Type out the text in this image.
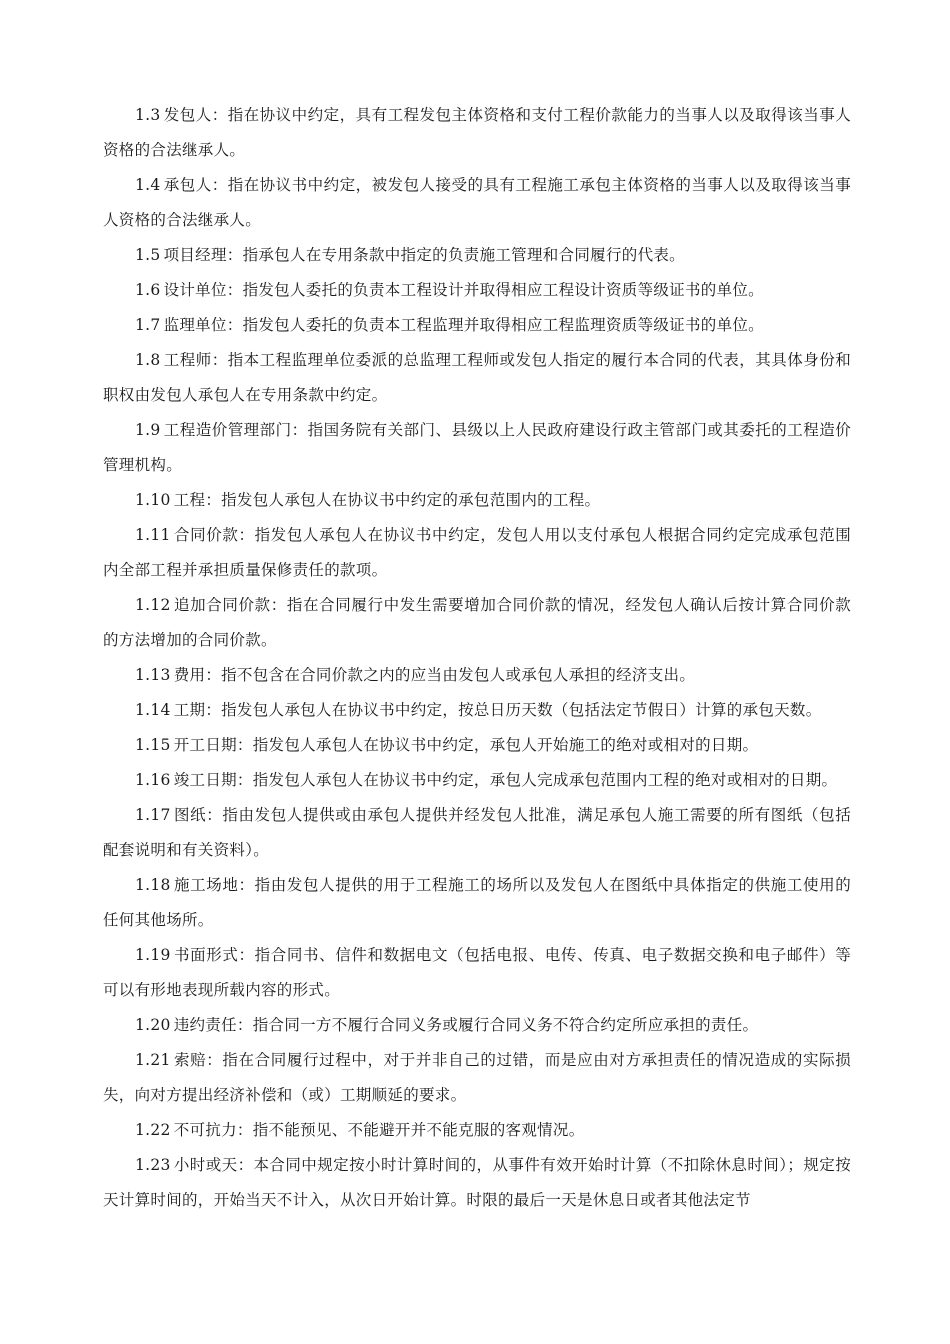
1.3 发包人：指在协议中约定，具有工程发包主体资格和支付工程价款能力的当事人以及取得该当事人资格的合法继承人。

1.4 承包人：指在协议书中约定，被发包人接受的具有工程施工承包主体资格的当事人以及取得该当事人资格的合法继承人。

1.5 项目经理：指承包人在专用条款中指定的负责施工管理和合同履行的代表。

1.6 设计单位：指发包人委托的负责本工程设计并取得相应工程设计资质等级证书的单位。

1.7 监理单位：指发包人委托的负责本工程监理并取得相应工程监理资质等级证书的单位。

1.8 工程师：指本工程监理单位委派的总监理工程师或发包人指定的履行本合同的代表，其具体身份和职权由发包人承包人在专用条款中约定。

1.9 工程造价管理部门：指国务院有关部门、县级以上人民政府建设行政主管部门或其委托的工程造价管理机构。

1.10 工程：指发包人承包人在协议书中约定的承包范围内的工程。

1.11 合同价款：指发包人承包人在协议书中约定，发包人用以支付承包人根据合同约定完成承包范围内全部工程并承担质量保修责任的款项。

1.12 追加合同价款：指在合同履行中发生需要增加合同价款的情况，经发包人确认后按计算合同价款的方法增加的合同价款。

1.13 费用：指不包含在合同价款之内的应当由发包人或承包人承担的经济支出。

1.14 工期：指发包人承包人在协议书中约定，按总日历天数（包括法定节假日）计算的承包天数。

1.15 开工日期：指发包人承包人在协议书中约定，承包人开始施工的绝对或相对的日期。

1.16 竣工日期：指发包人承包人在协议书中约定，承包人完成承包范围内工程的绝对或相对的日期。

1.17 图纸：指由发包人提供或由承包人提供并经发包人批准，满足承包人施工需要的所有图纸（包括配套说明和有关资料）。

1.18 施工场地：指由发包人提供的用于工程施工的场所以及发包人在图纸中具体指定的供施工使用的任何其他场所。

1.19 书面形式：指合同书、信件和数据电文（包括电报、电传、传真、电子数据交换和电子邮件）等可以有形地表现所载内容的形式。

1.20 违约责任：指合同一方不履行合同义务或履行合同义务不符合约定所应承担的责任。

1.21 索赔：指在合同履行过程中，对于并非自己的过错，而是应由对方承担责任的情况造成的实际损失，向对方提出经济补偿和（或）工期顺延的要求。

1.22 不可抗力：指不能预见、不能避开并不能克服的客观情况。

1.23 小时或天：本合同中规定按小时计算时间的，从事件有效开始时计算（不扣除休息时间）；规定按天计算时间的，开始当天不计入，从次日开始计算。时限的最后一天是休息日或者其他法定节
